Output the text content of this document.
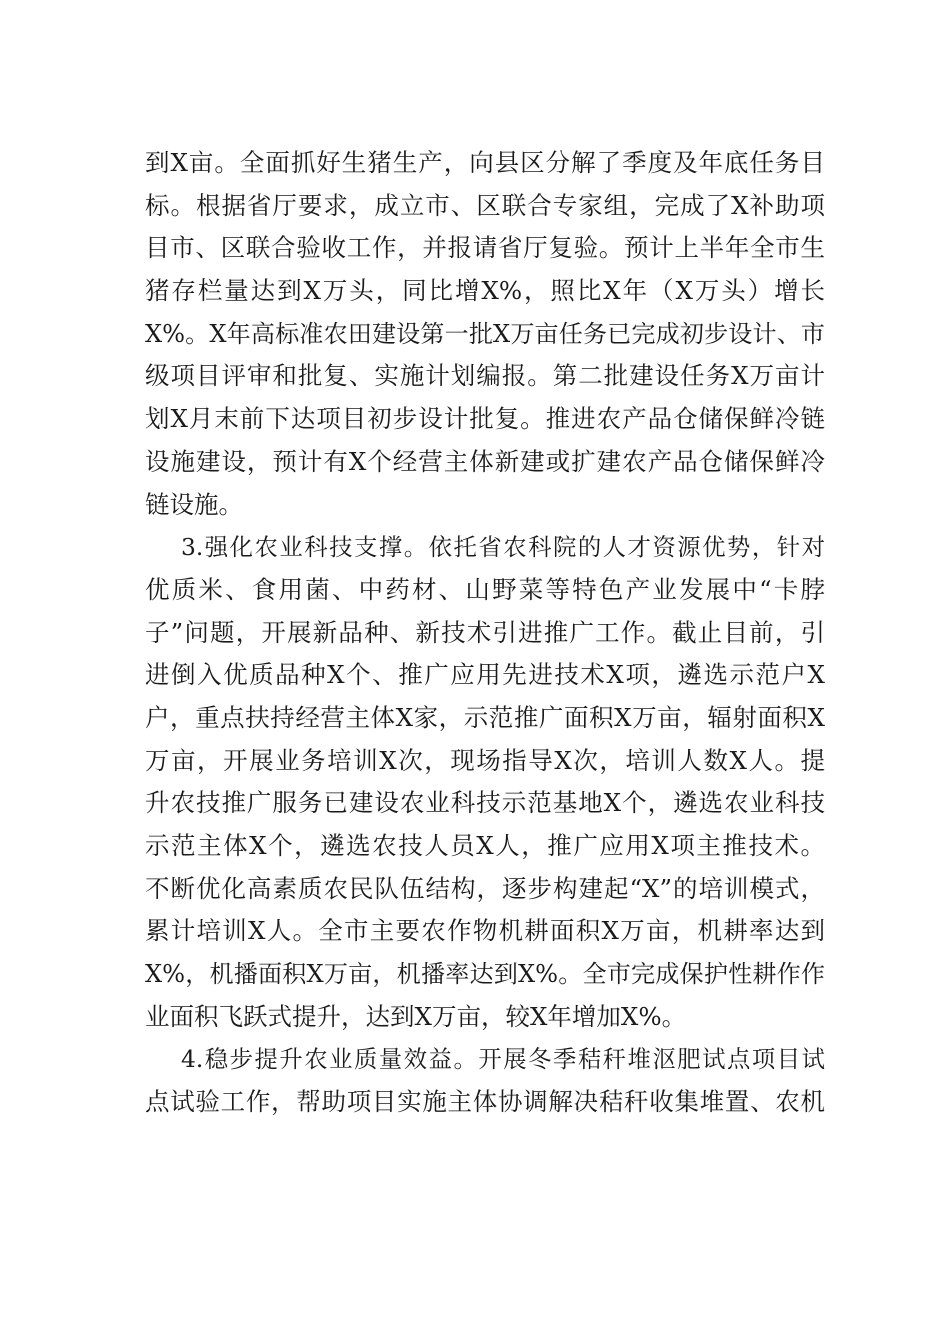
到X亩。全面抓好生猪生产，向县区分解了季度及年底任务目
标。根据省厅要求，成立市、区联合专家组，完成了X补助项
目市、区联合验收工作，并报请省厅复验。预计上半年全市生
猪存栏量达到X万头，同比增X%，照比X年（X万头）增长
X%。X年高标准农田建设第一批X万亩任务已完成初步设计、市
级项目评审和批复、实施计划编报。第二批建设任务X万亩计
划X月末前下达项目初步设计批复。推进农产品仓储保鲜冷链
设施建设，预计有X个经营主体新建或扩建农产品仓储保鲜冷
链设施。
3.强化农业科技支撑。依托省农科院的人才资源优势，针对
优质米、食用菌、中药材、山野菜等特色产业发展中“卡脖
子”问题，开展新品种、新技术引进推广工作。截止目前，引
进倒入优质品种X个、推广应用先进技术X项，遴选示范户X
户，重点扶持经营主体X家，示范推广面积X万亩，辐射面积X
万亩，开展业务培训X次，现场指导X次，培训人数X人。提
升农技推广服务已建设农业科技示范基地X个，遴选农业科技
示范主体X个，遴选农技人员X人，推广应用X项主推技术。
不断优化高素质农民队伍结构，逐步构建起“X”的培训模式，
累计培训X人。全市主要农作物机耕面积X万亩，机耕率达到
X%，机播面积X万亩，机播率达到X%。全市完成保护性耕作作
业面积飞跃式提升，达到X万亩，较X年增加X%。
4.稳步提升农业质量效益。开展冬季秸秆堆沤肥试点项目试
点试验工作，帮助项目实施主体协调解决秸秆收集堆置、农机
